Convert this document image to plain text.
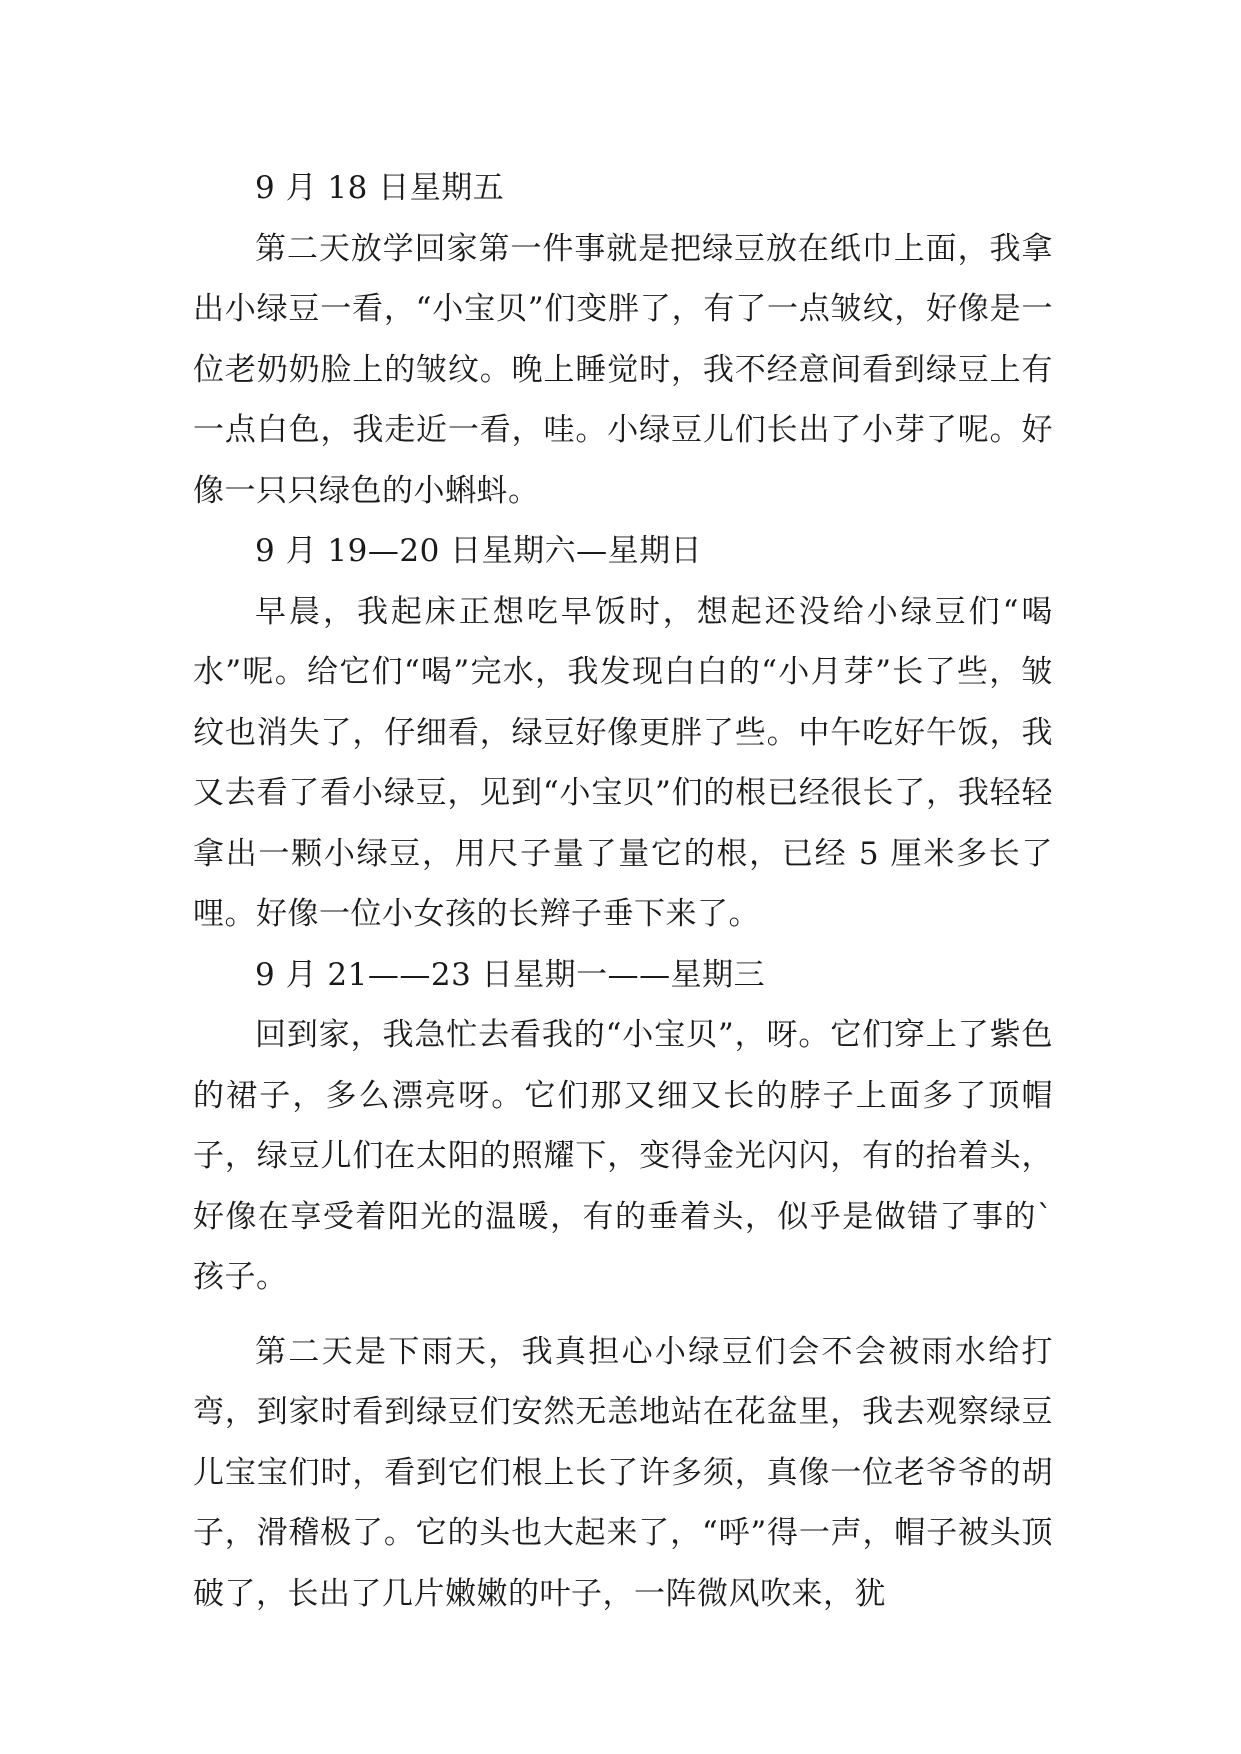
9 月 18 日星期五

第二天放学回家第一件事就是把绿豆放在纸巾上面，我拿出小绿豆一看，“小宝贝”们变胖了，有了一点皱纹，好像是一位老奶奶脸上的皱纹。晚上睡觉时，我不经意间看到绿豆上有一点白色，我走近一看，哇。小绿豆儿们长出了小芽了呢。好像一只只绿色的小蝌蚪。

9 月 19—20 日星期六—星期日

早晨，我起床正想吃早饭时，想起还没给小绿豆们“喝水”呢。给它们“喝”完水，我发现白白的“小月芽”长了些，皱纹也消失了，仔细看，绿豆好像更胖了些。中午吃好午饭，我又去看了看小绿豆，见到“小宝贝”们的根已经很长了，我轻轻拿出一颗小绿豆，用尺子量了量它的根，已经 5 厘米多长了哩。好像一位小女孩的长辫子垂下来了。

9 月 21——23 日星期一——星期三

回到家，我急忙去看我的“小宝贝”，呀。它们穿上了紫色的裙子，多么漂亮呀。它们那又细又长的脖子上面多了顶帽子，绿豆儿们在太阳的照耀下，变得金光闪闪，有的抬着头，好像在享受着阳光的温暖，有的垂着头，似乎是做错了事的`孩子。

第二天是下雨天，我真担心小绿豆们会不会被雨水给打弯，到家时看到绿豆们安然无恙地站在花盆里，我去观察绿豆儿宝宝们时，看到它们根上长了许多须，真像一位老爷爷的胡子，滑稽极了。它的头也大起来了，“呼”得一声，帽子被头顶破了，长出了几片嫩嫩的叶子，一阵微风吹来，犹
